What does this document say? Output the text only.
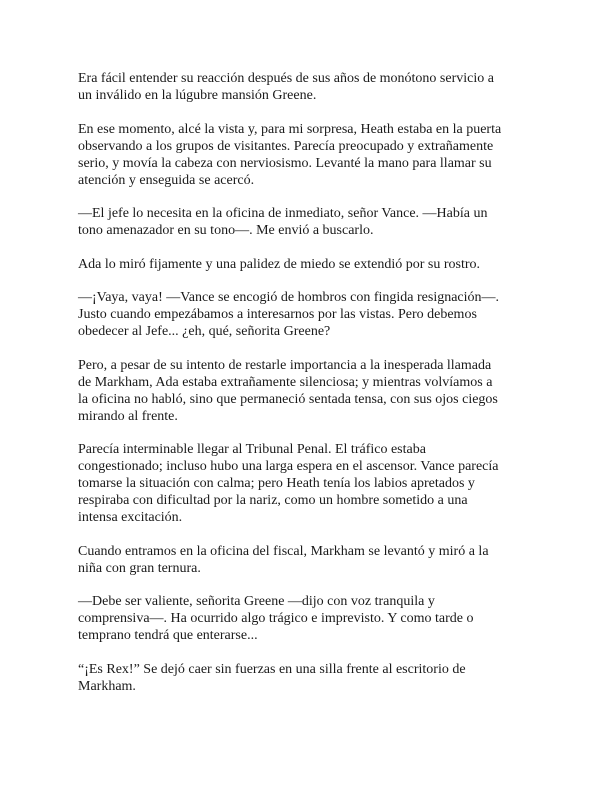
Era fácil entender su reacción después de sus años de monótono servicio a
un inválido en la lúgubre mansión Greene.

En ese momento, alcé la vista y, para mi sorpresa, Heath estaba en la puerta
observando a los grupos de visitantes. Parecía preocupado y extrañamente
serio, y movía la cabeza con nerviosismo. Levanté la mano para llamar su
atención y enseguida se acercó.

—El jefe lo necesita en la oficina de inmediato, señor Vance. —Había un
tono amenazador en su tono—. Me envió a buscarlo.

Ada lo miró fijamente y una palidez de miedo se extendió por su rostro.

—¡Vaya, vaya! —Vance se encogió de hombros con fingida resignación—.
Justo cuando empezábamos a interesarnos por las vistas. Pero debemos
obedecer al Jefe... ¿eh, qué, señorita Greene?

Pero, a pesar de su intento de restarle importancia a la inesperada llamada
de Markham, Ada estaba extrañamente silenciosa; y mientras volvíamos a
la oficina no habló, sino que permaneció sentada tensa, con sus ojos ciegos
mirando al frente.

Parecía interminable llegar al Tribunal Penal. El tráfico estaba
congestionado; incluso hubo una larga espera en el ascensor. Vance parecía
tomarse la situación con calma; pero Heath tenía los labios apretados y
respiraba con dificultad por la nariz, como un hombre sometido a una
intensa excitación.

Cuando entramos en la oficina del fiscal, Markham se levantó y miró a la
niña con gran ternura.

—Debe ser valiente, señorita Greene —dijo con voz tranquila y
comprensiva—. Ha ocurrido algo trágico e imprevisto. Y como tarde o
temprano tendrá que enterarse...

“¡Es Rex!” Se dejó caer sin fuerzas en una silla frente al escritorio de
Markham.
